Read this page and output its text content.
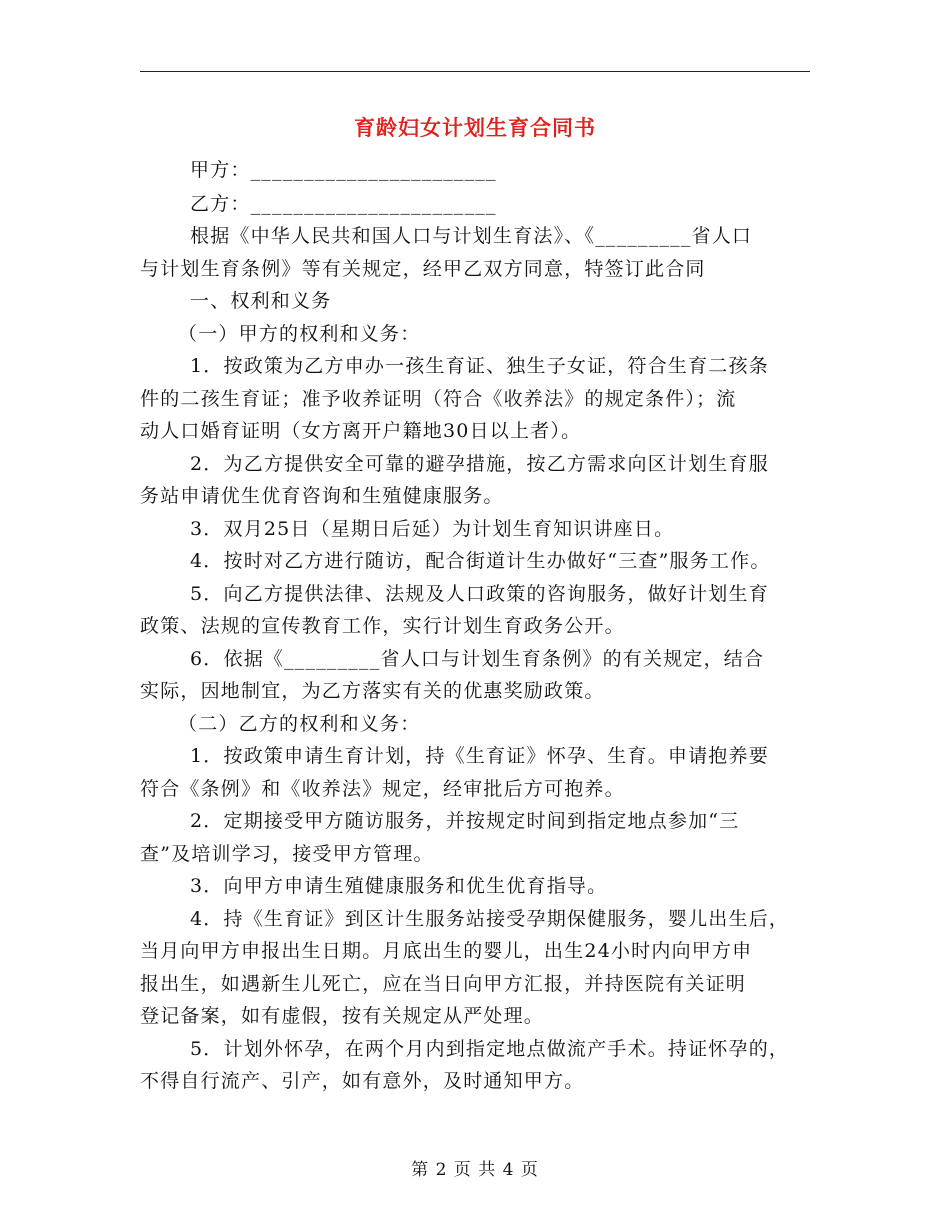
育龄妇女计划生育合同书
甲方：_______________________
乙方：_______________________
根据《中华人民共和国人口与计划生育法》、《_________省人口
与计划生育条例》等有关规定，经甲乙双方同意，特签订此合同
一、权利和义务
（一）甲方的权利和义务：
1．按政策为乙方申办一孩生育证、独生子女证，符合生育二孩条
件的二孩生育证；准予收养证明（符合《收养法》的规定条件）；流
动人口婚育证明（女方离开户籍地30日以上者）。
2．为乙方提供安全可靠的避孕措施，按乙方需求向区计划生育服
务站申请优生优育咨询和生殖健康服务。
3．双月25日（星期日后延）为计划生育知识讲座日。
4．按时对乙方进行随访，配合街道计生办做好“三查”服务工作。
5．向乙方提供法律、法规及人口政策的咨询服务，做好计划生育
政策、法规的宣传教育工作，实行计划生育政务公开。
6．依据《_________省人口与计划生育条例》的有关规定，结合
实际，因地制宜，为乙方落实有关的优惠奖励政策。
（二）乙方的权利和义务：
1．按政策申请生育计划，持《生育证》怀孕、生育。申请抱养要
符合《条例》和《收养法》规定，经审批后方可抱养。
2．定期接受甲方随访服务，并按规定时间到指定地点参加“三
查”及培训学习，接受甲方管理。
3．向甲方申请生殖健康服务和优生优育指导。
4．持《生育证》到区计生服务站接受孕期保健服务，婴儿出生后，
当月向甲方申报出生日期。月底出生的婴儿，出生24小时内向甲方申
报出生，如遇新生儿死亡，应在当日向甲方汇报，并持医院有关证明
登记备案，如有虚假，按有关规定从严处理。
5．计划外怀孕，在两个月内到指定地点做流产手术。持证怀孕的，
不得自行流产、引产，如有意外，及时通知甲方。
第 2 页 共 4 页
